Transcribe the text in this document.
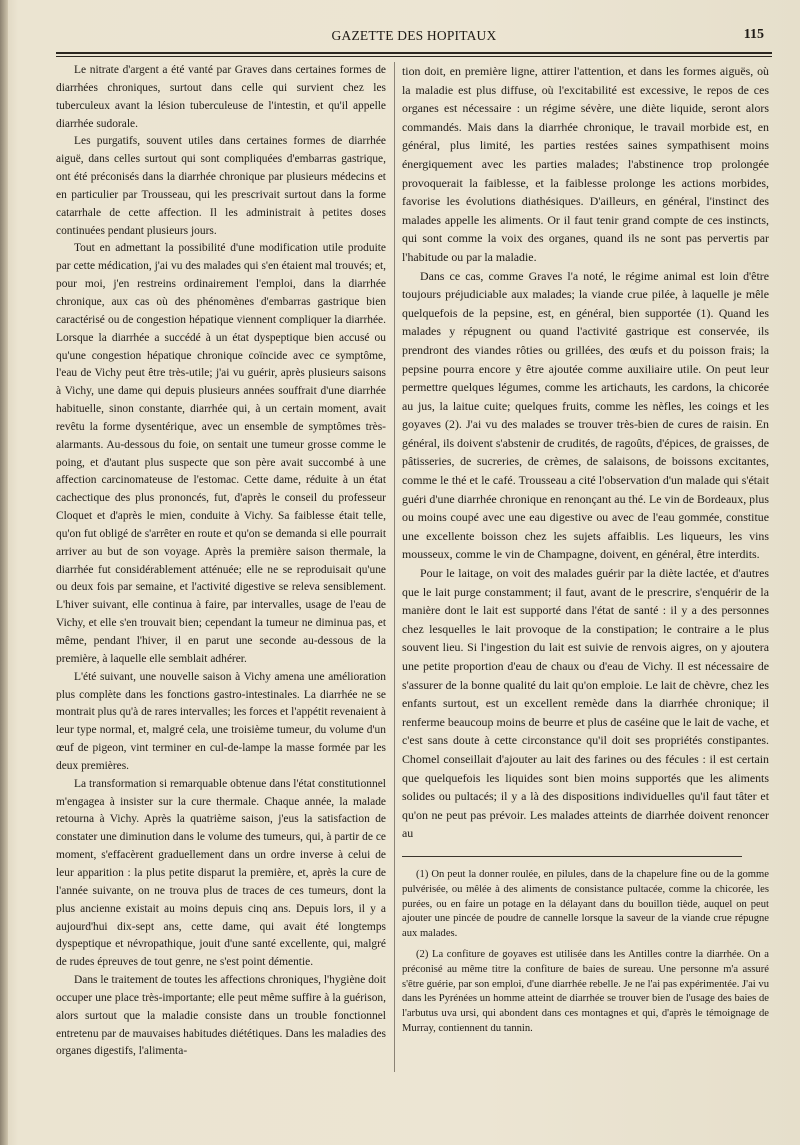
GAZETTE DES HOPITAUX	115

Le nitrate d'argent a été vanté par Graves dans certaines formes de diarrhées chroniques, surtout dans celle qui survient chez les tuberculeux avant la lésion tuberculeuse de l'intestin, et qu'il appelle diarrhée sudorale.

Les purgatifs, souvent utiles dans certaines formes de diarrhée aiguë, dans celles surtout qui sont compliquées d'embarras gastrique, ont été préconisés dans la diarrhée chronique par plusieurs médecins et en particulier par Trousseau, qui les prescrivait surtout dans la forme catarrhale de cette affection. Il les administrait à petites doses continuées pendant plusieurs jours.

Tout en admettant la possibilité d'une modification utile produite par cette médication, j'ai vu des malades qui s'en étaient mal trouvés; et, pour moi, j'en restreins ordinairement l'emploi, dans la diarrhée chronique, aux cas où des phénomènes d'embarras gastrique bien caractérisé ou de congestion hépatique viennent compliquer la diarrhée. Lorsque la diarrhée a succédé à un état dyspeptique bien accusé ou qu'une congestion hépatique chronique coïncide avec ce symptôme, l'eau de Vichy peut être très-utile; j'ai vu guérir, après plusieurs saisons à Vichy, une dame qui depuis plusieurs années souffrait d'une diarrhée habituelle, sinon constante, diarrhée qui, à un certain moment, avait revêtu la forme dysentérique, avec un ensemble de symptômes très-alarmants. Au-dessous du foie, on sentait une tumeur grosse comme le poing, et d'autant plus suspecte que son père avait succombé à une affection carcinomateuse de l'estomac. Cette dame, réduite à un état cachectique des plus prononcés, fut, d'après le conseil du professeur Cloquet et d'après le mien, conduite à Vichy. Sa faiblesse était telle, qu'on fut obligé de s'arrêter en route et qu'on se demanda si elle pourrait arriver au but de son voyage. Après la première saison thermale, la diarrhée fut considérablement atténuée; elle ne se reproduisait qu'une ou deux fois par semaine, et l'activité digestive se releva sensiblement. L'hiver suivant, elle continua à faire, par intervalles, usage de l'eau de Vichy, et elle s'en trouvait bien; cependant la tumeur ne diminua pas, et même, pendant l'hiver, il en parut une seconde au-dessous de la première, à laquelle elle semblait adhérer.

L'été suivant, une nouvelle saison à Vichy amena une amélioration plus complète dans les fonctions gastro-intestinales. La diarrhée ne se montrait plus qu'à de rares intervalles; les forces et l'appétit revenaient à leur type normal, et, malgré cela, une troisième tumeur, du volume d'un œuf de pigeon, vint terminer en cul-de-lampe la masse formée par les deux premières.

La transformation si remarquable obtenue dans l'état constitutionnel m'engagea à insister sur la cure thermale. Chaque année, la malade retourna à Vichy. Après la quatrième saison, j'eus la satisfaction de constater une diminution dans le volume des tumeurs, qui, à partir de ce moment, s'effacèrent graduellement dans un ordre inverse à celui de leur apparition : la plus petite disparut la première, et, après la cure de l'année suivante, on ne trouva plus de traces de ces tumeurs, dont la plus ancienne existait au moins depuis cinq ans. Depuis lors, il y a aujourd'hui dix-sept ans, cette dame, qui avait été longtemps dyspeptique et névropathique, jouit d'une santé excellente, qui, malgré de rudes épreuves de tout genre, ne s'est point démentie.

Dans le traitement de toutes les affections chroniques, l'hygiène doit occuper une place très-importante; elle peut même suffire à la guérison, alors surtout que la maladie consiste dans un trouble fonctionnel entretenu par de mauvaises habitudes diététiques. Dans les maladies des organes digestifs, l'alimenta-

tion doit, en première ligne, attirer l'attention, et dans les formes aiguës, où la maladie est plus diffuse, où l'excitabilité est excessive, le repos de ces organes est nécessaire : un régime sévère, une diète liquide, seront alors commandés. Mais dans la diarrhée chronique, le travail morbide est, en général, plus limité, les parties restées saines sympathisent moins énergiquement avec les parties malades; l'abstinence trop prolongée provoquerait la faiblesse, et la faiblesse prolonge les actions morbides, favorise les évolutions diathésiques. D'ailleurs, en général, l'instinct des malades appelle les aliments. Or il faut tenir grand compte de ces instincts, qui sont comme la voix des organes, quand ils ne sont pas pervertis par l'habitude ou par la maladie.

Dans ce cas, comme Graves l'a noté, le régime animal est loin d'être toujours préjudiciable aux malades; la viande crue pilée, à laquelle je mêle quelquefois de la pepsine, est, en général, bien supportée (1). Quand les malades y répugnent ou quand l'activité gastrique est conservée, ils prendront des viandes rôties ou grillées, des œufs et du poisson frais; la pepsine pourra encore y être ajoutée comme auxiliaire utile. On peut leur permettre quelques légumes, comme les artichauts, les cardons, la chicorée au jus, la laitue cuite; quelques fruits, comme les nèfles, les coings et les goyaves (2). J'ai vu des malades se trouver très-bien de cures de raisin. En général, ils doivent s'abstenir de crudités, de ragoûts, d'épices, de graisses, de pâtisseries, de sucreries, de crèmes, de salaisons, de boissons excitantes, comme le thé et le café. Trousseau a cité l'observation d'un malade qui s'était guéri d'une diarrhée chronique en renonçant au thé. Le vin de Bordeaux, plus ou moins coupé avec une eau digestive ou avec de l'eau gommée, constitue une excellente boisson chez les sujets affaiblis. Les liqueurs, les vins mousseux, comme le vin de Champagne, doivent, en général, être interdits.

Pour le laitage, on voit des malades guérir par la diète lactée, et d'autres que le lait purge constamment; il faut, avant de le prescrire, s'enquérir de la manière dont le lait est supporté dans l'état de santé : il y a des personnes chez lesquelles le lait provoque de la constipation; le contraire a le plus souvent lieu. Si l'ingestion du lait est suivie de renvois aigres, on y ajoutera une petite proportion d'eau de chaux ou d'eau de Vichy. Il est nécessaire de s'assurer de la bonne qualité du lait qu'on emploie. Le lait de chèvre, chez les enfants surtout, est un excellent remède dans la diarrhée chronique; il renferme beaucoup moins de beurre et plus de caséine que le lait de vache, et c'est sans doute à cette circonstance qu'il doit ses propriétés constipantes. Chomel conseillait d'ajouter au lait des farines ou des fécules : il est certain que quelquefois les liquides sont bien moins supportés que les aliments solides ou pultacés; il y a là des dispositions individuelles qu'il faut tâter et qu'on ne peut pas prévoir. Les malades atteints de diarrhée doivent renoncer au

(1) On peut la donner roulée, en pilules, dans de la chapelure fine ou de la gomme pulvérisée, ou mêlée à des aliments de consistance pultacée, comme la chicorée, les purées, ou en faire un potage en la délayant dans du bouillon tiède, auquel on peut ajouter une pincée de poudre de cannelle lorsque la saveur de la viande crue répugne aux malades.

(2) La confiture de goyaves est utilisée dans les Antilles contre la diarrhée. On a préconisé au même titre la confiture de baies de sureau. Une personne m'a assuré s'être guérie, par son emploi, d'une diarrhée rebelle. Je ne l'ai pas expérimentée. J'ai vu dans les Pyrénées un homme atteint de diarrhée se trouver bien de l'usage des baies de l'arbutus uva ursi, qui abondent dans ces montagnes et qui, d'après le témoignage de Murray, contiennent du tannin.
